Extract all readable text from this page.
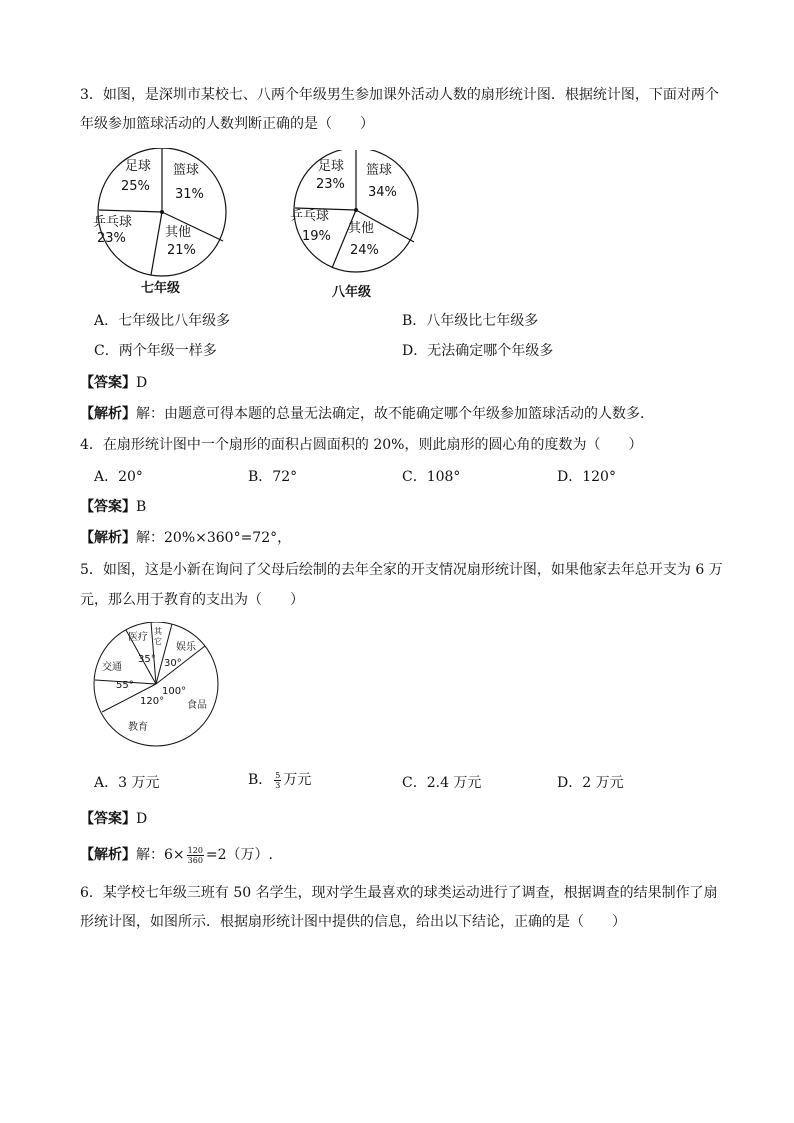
3．如图，是深圳市某校七、八两个年级男生参加课外活动人数的扇形统计图．根据统计图，下面对两个
年级参加篮球活动的人数判断正确的是（　　）
足球
25%
篮球
31%
其他
21%
乒乓球
23%
七年级
足球
23%
篮球
34%
其他
24%
乒乓球
19%
八年级
A．七年级比八年级多	B．八年级比七年级多
C．两个年级一样多	D．无法确定哪个年级多
【答案】D
【解析】解：由题意可得本题的总量无法确定，故不能确定哪个年级参加篮球活动的人数多．
4．在扇形统计图中一个扇形的面积占圆面积的 20%，则此扇形的圆心角的度数为（　　）
A．20°	B．72°	C．108°	D．120°
【答案】B
【解析】解：20%×360°=72°，
5．如图，这是小新在询问了父母后绘制的去年全家的开支情况扇形统计图，如果他家去年总开支为 6 万
元，那么用于教育的支出为（　　）
医疗
其
它
娱乐
交通
食品
教育
35° 30°
55°
100°
120°
A．3 万元	B． $\frac{5}{3}$ 万元	C．2.4 万元	D．2 万元
【答案】D
【解析】解：$6\times \frac{120}{360} =2$（万）.
6．某学校七年级三班有 50 名学生，现对学生最喜欢的球类运动进行了调查，根据调查的结果制作了扇
形统计图，如图所示．根据扇形统计图中提供的信息，给出以下结论，正确的是（　　）
